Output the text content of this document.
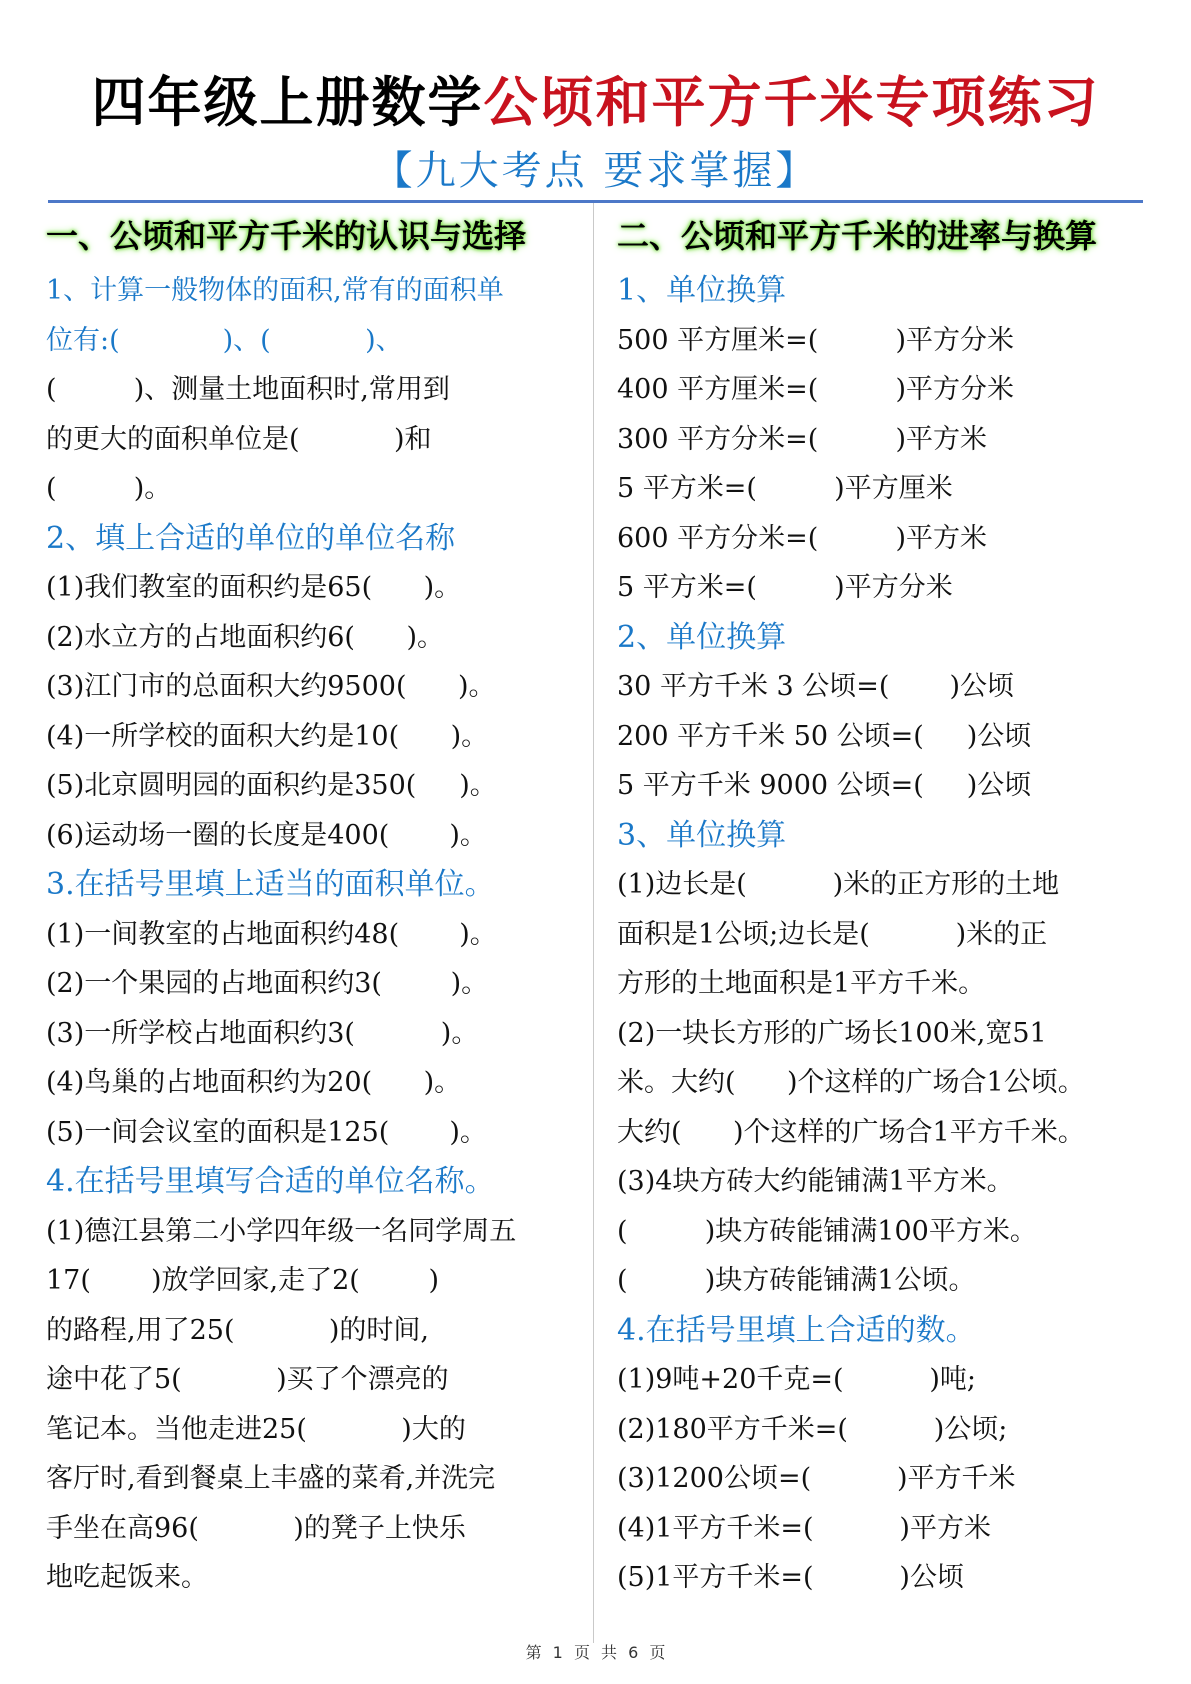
四年级上册数学公顷和平方千米专项练习
【九大考点 要求掌握】
一、公顷和平方千米的认识与选择
1、计算一般物体的面积,常有的面积单
位有:(            )、(           )、
(         )、测量土地面积时,常用到
的更大的面积单位是(           )和
(         )。
2、填上合适的单位的单位名称
(1)我们教室的面积约是65(      )。
(2)水立方的占地面积约6(      )。
(3)江门市的总面积大约9500(      )。
(4)一所学校的面积大约是10(      )。
(5)北京圆明园的面积约是350(     )。
(6)运动场一圈的长度是400(       )。
3.在括号里填上适当的面积单位。
(1)一间教室的占地面积约48(       )。
(2)一个果园的占地面积约3(        )。
(3)一所学校占地面积约3(          )。
(4)鸟巢的占地面积约为20(      )。
(5)一间会议室的面积是125(       )。
4.在括号里填写合适的单位名称。
(1)德江县第二小学四年级一名同学周五
17(       )放学回家,走了2(        )
的路程,用了25(           )的时间,
途中花了5(           )买了个漂亮的
笔记本。当他走进25(           )大的
客厅时,看到餐桌上丰盛的菜肴,并洗完
手坐在高96(           )的凳子上快乐
地吃起饭来。
二、公顷和平方千米的进率与换算
1、单位换算
500 平方厘米=(         )平方分米
400 平方厘米=(         )平方分米
300 平方分米=(         )平方米
5 平方米=(         )平方厘米
600 平方分米=(         )平方米
5 平方米=(         )平方分米
2、单位换算
30 平方千米 3 公顷=(       )公顷
200 平方千米 50 公顷=(     )公顷
5 平方千米 9000 公顷=(     )公顷
3、单位换算
(1)边长是(          )米的正方形的土地
面积是1公顷;边长是(          )米的正
方形的土地面积是1平方千米。
(2)一块长方形的广场长100米,宽51
米。大约(      )个这样的广场合1公顷。
大约(      )个这样的广场合1平方千米。
(3)4块方砖大约能铺满1平方米。
(         )块方砖能铺满100平方米。
(         )块方砖能铺满1公顷。
4.在括号里填上合适的数。
(1)9吨+20千克=(          )吨;
(2)180平方千米=(          )公顷;
(3)1200公顷=(          )平方千米
(4)1平方千米=(          )平方米
(5)1平方千米=(          )公顷
第 1 页 共 6 页
